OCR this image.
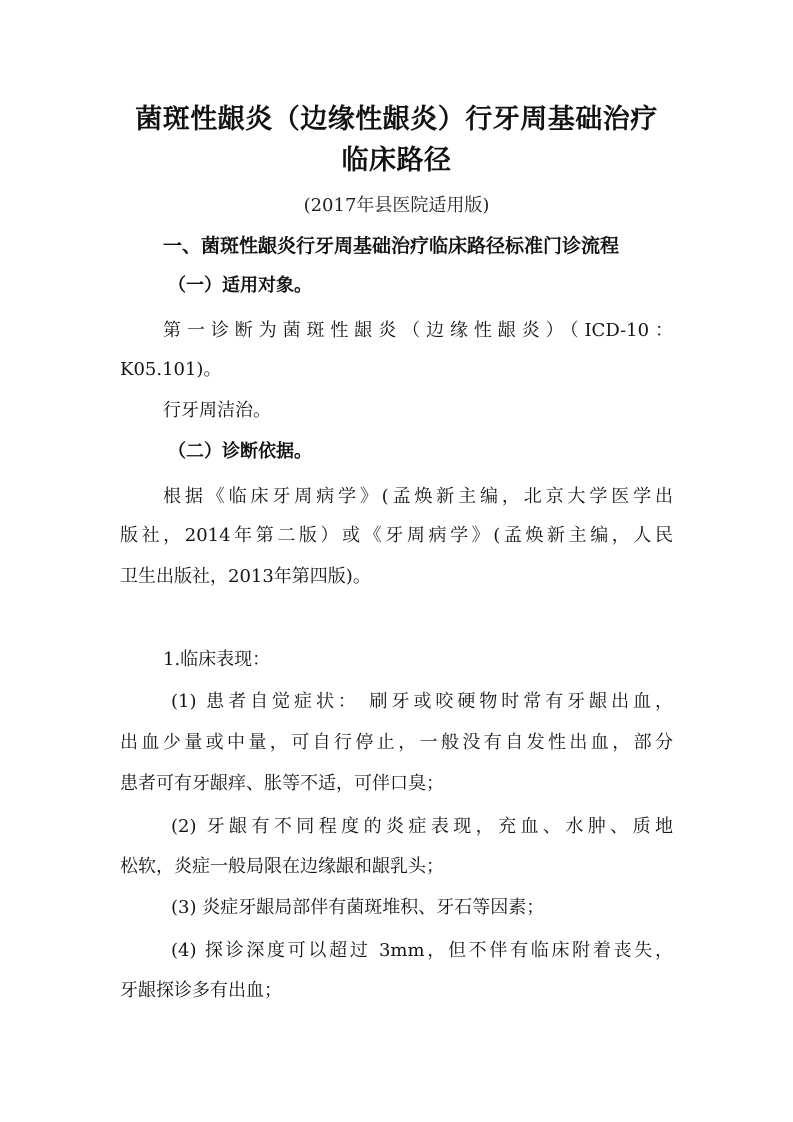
菌斑性龈炎（边缘性龈炎）行牙周基础治疗
临床路径
(2017年县医院适用版)
一、菌斑性龈炎行牙周基础治疗临床路径标准门诊流程
（一）适用对象。
第一诊断为菌斑性龈炎（边缘性龈炎）（ICD-10：
K05.101)。
行牙周洁治。
（二）诊断依据。
根据《临床牙周病学》(孟焕新主编，北京大学医学出
版社，2014年第二版）或《牙周病学》(孟焕新主编，人民
卫生出版社，2013年第四版)。
1.临床表现：
(1) 患者自觉症状： 刷牙或咬硬物时常有牙龈出血，
出血少量或中量，可自行停止，一般没有自发性出血，部分
患者可有牙龈痒、胀等不适，可伴口臭；
(2) 牙龈有不同程度的炎症表现，充血、水肿、质地
松软，炎症一般局限在边缘龈和龈乳头；
(3) 炎症牙龈局部伴有菌斑堆积、牙石等因素；
(4) 探诊深度可以超过 3mm，但不伴有临床附着丧失，
牙龈探诊多有出血；
